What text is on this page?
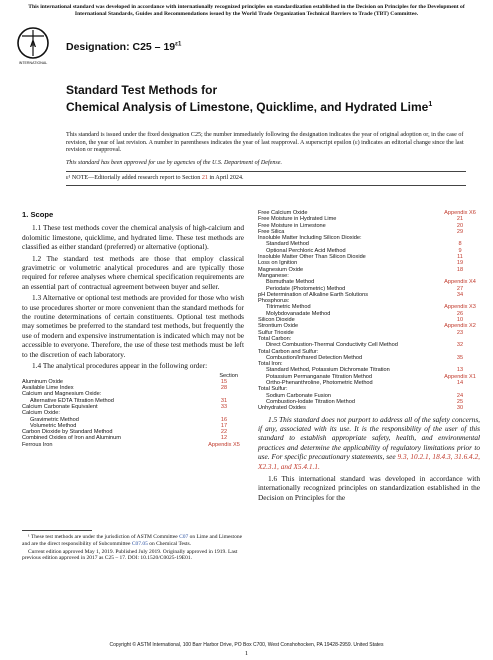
This international standard was developed in accordance with internationally recognized principles on standardization established in the Decision on Principles for the Development of International Standards, Guides and Recommendations issued by the World Trade Organization Technical Barriers to Trade (TBT) Committee.
A
INTERNATIONAL
Designation: $C25 - 19^{\varepsilon 1}$
Standard Test Methods for
Chemical Analysis of Limestone, Quicklime, and Hydrated Lime$^1$
This standard is issued under the fixed designation C25; the number immediately following the designation indicates the year of original adoption or, in the case of revision, the year of last revision. A number in parentheses indicates the year of last reapproval. A superscript epsilon (ε) indicates an editorial change since the last revision or reapproval.
This standard has been approved for use by agencies of the U.S. Department of Defense.
ε¹ NOTE—Editorially added research report to Section 21 in April 2024.
1. Scope
1.1 These test methods cover the chemical analysis of high-calcium and dolomitic limestone, quicklime, and hydrated lime. These test methods are classified as either standard (preferred) or alternative (optional).
1.2 The standard test methods are those that employ classical gravimetric or volumetric analytical procedures and are typically those required for referee analyses where chemical specification requirements are an essential part of contractual agreement between buyer and seller.
1.3 Alternative or optional test methods are provided for those who wish to use procedures shorter or more convenient than the standard methods for the routine determinations of certain constituents. Optional test methods may sometimes be preferred to the standard test methods, but frequently the use of modern and expensive instrumentation is indicated which may not be accessible to everyone. Therefore, the use of these test methods must be left to the discretion of each laboratory.
1.4 The analytical procedures appear in the following order:
Section
Aluminum Oxide	15
Available Lime Index	28
Calcium and Magnesium Oxide:
Alternative EDTA Titration Method	31
Calcium Carbonate Equivalent	33
Calcium Oxide:
Gravimetric Method	16
Volumetric Method	17
Carbon Dioxide by Standard Method	22
Combined Oxides of Iron and Aluminum	12
Ferrous Iron	Appendix X5
¹ These test methods are under the jurisdiction of ASTM Committee C07 on Lime and Limestone and are the direct responsibility of Subcommittee C07.05 on Chemical Tests.
Current edition approved May 1, 2019. Published July 2019. Originally approved in 1919. Last previous edition approved in 2017 as C25 – 17. DOI: 10.1520/C0025-19E01.
Free Calcium Oxide	Appendix X6
Free Moisture in Hydrated Lime	21
Free Moisture in Limestone	20
Free Silica	29
Insoluble Matter Including Silicon Dioxide:
Standard Method	8
Optional Perchloric Acid Method	9
Insoluble Matter Other Than Silicon Dioxide	11
Loss on Ignition	19
Magnesium Oxide	18
Manganese:
Bismuthate Method	Appendix X4
Periodate (Photometric) Method	27
pH Determination of Alkaline Earth Solutions	34
Phosphorus:
Titrimetric Method	Appendix X3
Molybdovanadate Method	26
Silicon Dioxide	10
Strontium Oxide	Appendix X2
Sulfur Trioxide	23
Total Carbon:
Direct Combustion-Thermal Conductivity Cell Method	32
Total Carbon and Sulfur:
Combustion/Infrared Detection Method	35
Total Iron:
Standard Method, Potassium Dichromate Titration	13
Potassium Permanganate Titration Method	Appendix X1
Ortho-Phenanthroline, Photometric Method	14
Total Sulfur:
Sodium Carbonate Fusion	24
Combustion-Iodate Titration Method	25
Unhydrated Oxides	30
1.5 This standard does not purport to address all of the safety concerns, if any, associated with its use. It is the responsibility of the user of this standard to establish appropriate safety, health, and environmental practices and determine the applicability of regulatory limitations prior to use. For specific precautionary statements, see 9.3, 10.2.1, 18.4.3, 31.6.4.2, X2.3.1, and X5.4.1.1.
1.6 This international standard was developed in accordance with internationally recognized principles on standardization established in the Decision on Principles for the
Copyright © ASTM International, 100 Barr Harbor Drive, PO Box C700, West Conshohocken, PA 19428-2959. United States
1
